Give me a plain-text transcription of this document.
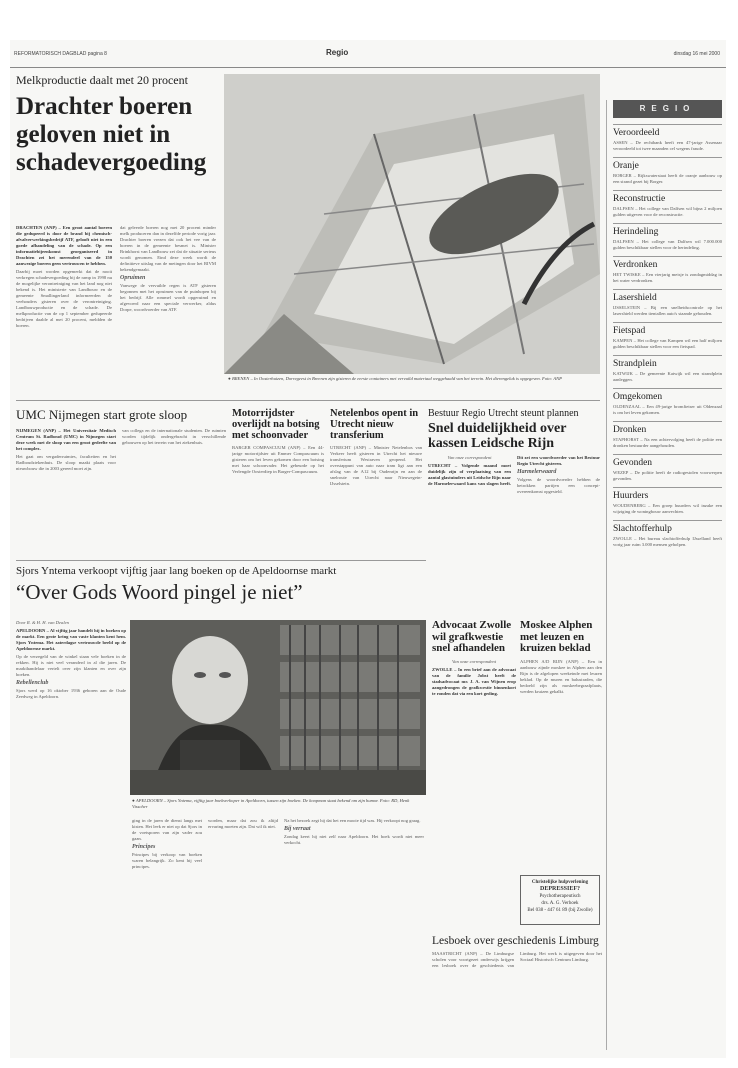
REFORMATORISCH DAGBLAD pagina 8	Regio	dinsdag 16 mei 2000
Melkproductie daalt met 20 procent
Drachter boeren geloven niet in schadevergoeding

DRACHTEN (ANP) – Een groot aantal boeren die gedupeerd is door de brand bij chemisch-afvalverwerkingsbedrijf ATF, gelooft niet in een goede afhandeling van de schade. Op een informatiebijeenkomst georganiseerd in Drachten zei het merendeel van de 150 aanwezige boeren geen vertrouwen te hebben.

Daarbij moet worden opgemerkt dat de nooit verkregen schadevergoeding bij de ramp in 1998 nu de mogelijke verontreiniging van het land nog niet bekend is. Het ministerie van Landbouw en de gemeente Smallingerland informeerden de veehouders gisteren over de verontreiniging. Landbouwproductie en de schade. De melkproductie van de op 1 september gedupeerde bedrijven daalde al met 20 procent, meldden de boeren.

dat geleerde boeren nog met 20 procent minder melk produceren dan in dezelfde periode vorig jaar. Drachter boeren vrezen dat ook het vee van de boeren in de gemeente besmet is. Minister Brinkhorst van Landbouw zei dat de situatie serieus wordt genomen. Eind deze week wordt de definitieve uitslag van de metingen door het RIVM bekendgemaakt.

Opruimen

Vanwege de vervuilde regen is ATF gisteren begonnen met het opruimen van de puinhopen bij het bedrijf. Alle rommel wordt opgeruimd en afgevoerd naar een speciale verwerker, aldus Dorpe, woordvoerder van ATF.

● BRENEN – In Oosterhuizen, Dorregeest in Breenen zijn gisteren de eerste containers met vervuild materiaal weggehaald van het terrein. Het dierengeluk is opgegeven. Foto: ANP
UMC Nijmegen start grote sloop

NIJMEGEN (ANP) – Het Universitair Medisch Centrum St. Radboud (UMC) in Nijmegen start deze week met de sloop van een groot gedeelte van het complex.

Het gaat om vergaderruimtes, faculteiten en het Radboudziekenhuis. De sloop maakt plaats voor nieuwbouw die in 2003 gereed moet zijn.

van collega en de internationale studenten. De ruimten worden tijdelijk ondergebracht in verschillende gebouwen op het terrein van het ziekenhuis.

Motorrijdster overlijdt na botsing met schoonvader
BARGER COMPASCUUM (ANP) – Een 44-jarige motorrijdster uit Emmer Compascuum is gisteren om het leven gekomen door een botsing met haar schoonvader. Het gebeurde op het Verlengde Oosterdiep in Barger-Compascuum.
Netelenbos opent in Utrecht nieuw transferium
UTRECHT (ANP) – Minister Netelenbos van Verkeer heeft gisteren in Utrecht het nieuwe transferium Westraven geopend. Het overstappunt van auto naar tram ligt aan een afslag van de A12 bij Oudenrijn en aan de snelroute van Utrecht naar Nieuwegein-IJsselstein.
Bestuur Regio Utrecht steunt plannen
Snel duidelijkheid over kassen Leidsche Rijn

Van onze correspondent

UTRECHT – Volgende maand moet duidelijk zijn of verplaatsing van een aantal glastuinders uit Leidsche Rijn naar de Harmelerwaard kans van slagen heeft. Dit zei een woordvoerder van het Bestuur Regio Utrecht gisteren.

Harmelerwaard

Volgens de woordvoerder hebben de betrokken partijen een concept-overeenkomst opgesteld.

Sjors Yntema verkoopt vijftig jaar lang boeken op de Apeldoornse markt
“Over Gods Woord pingel je niet”

Door R. & H. H. van Dealen

APELDOORN – Al vijftig jaar handelt hij in boeken op de markt. Een grote kring van vaste klanten kent hem. Sjors Yntema. Het zaterdagse vertrouwde beeld op de Apeldoornse markt.

Op de verzegeld van de winkel staan vele boeken in de rekken. Hij is niet veel veranderd in al die jaren. De markthandelaar vertelt over zijn klanten en over zijn boeken.

Rebellenclub

Sjors werd op 16 oktober 1936 geboren aan de Oude Zeedweg in Apeldoorn.

● APELDOORN – Sjors Yntema, vijftig jaar boekverkoper in Apeldoorn, tussen zijn boeken. De koopman staat bekend om zijn humor. Foto: RD, Henk Visscher

ging in de jaren de dienst langs met kisten. Het leek er niet op dat Sjors in de voetsporen van zijn vader zou gaan.

Principes

Principes bij verkoop van boeken waren belangrijk. Zo kent hij veel principes.

worden, maar dat zou ik altijd ervaring moeten zijn. Dat wil ik niet.

Na het bezoek zegt hij dat het een mooie tijd was. Hij verkoopt nog graag.

Bij verraat

Zondag keert hij niet zelf naar Apeldoorn. Het boek wordt niet meer verkocht.

Advocaat Zwolle wil grafkwestie snel afhandelen

Van onze correspondent

ZWOLLE – In een brief aan de advocaat van de familie Jobst heeft de stadsadvocaat mr. J. A. van Wijnen erop aangedrongen de grafkwestie binnenkort te ronden dat via een kort geding.

Moskee Alphen met leuzen en kruizen beklad
ALPHEN A/D RIJN (ANP) – Een in aanbouw zijnde moskee in Alphen aan den Rijn is de afgelopen weekeinde met leuzen beklad. Op de muren en balustraden, die bedoeld zijn als moskeebegraafplaats, werden kruizen gekalkt.
Christelijke hulpverlening
DEPRESSIEF?
Psychotherapeutisch
drs. A. G. Verhoek
Bel 038 - 447 61 89 (bij Zwolle)
Lesboek over geschiedenis Limburg
MAASTRICHT (ANP) – De Limburgse scholen voor voortgezet onderwijs krijgen een lesboek over de geschiedenis van Limburg. Het werk is uitgegeven door het Sociaal Historisch Centrum Limburg.
REGIO
Veroordeeld
ASSEN – De rechtbank heeft een 47-jarige Assenaar veroordeeld tot twee maanden cel wegens fraude.
Oranje
BORGER – Rijkswaterstaat heeft de oranje aanbouw op een strand gezet bij Borger.
Reconstructie
DALFSEN – Het college van Dalfsen wil bijna 2 miljoen gulden uitgeven voor de reconstructie.
Herindeling
DALFSEN – Het college van Dalfsen wil 7.000.000 gulden beschikbaar stellen voor de herindeling.
Verdronken
HET TWISKE – Een vierjarig meisje is zondagmiddag in het water verdronken.
Lasershield
IJSSELSTEIN – Bij een snelheidscontrole op het lasershield werden tientallen auto's staande gehouden.
Fietspad
KAMPEN – Het college van Kampen wil een half miljoen gulden beschikbaar stellen voor een fietspad.
Strandplein
KATWIJK – De gemeente Katwijk wil een strandplein aanleggen.
Omgekomen
OLDENZAAL – Een 49-jarige bromfietser uit Oldenzaal is om het leven gekomen.
Dronken
STAPHORST – Na een achtervolging heeft de politie een dronken bestuurder aangehouden.
Gevonden
WEZEP – De politie heeft de radiogestolen voorwerpen gevonden.
Huurders
WOUDENBERG – Een groep huurders wil inzake een wijziging de woningbouw aanvechten.
Slachtofferhulp
ZWOLLE – Het bureau slachtofferhulp IJsselland heeft vorig jaar ruim 3.000 mensen geholpen.
